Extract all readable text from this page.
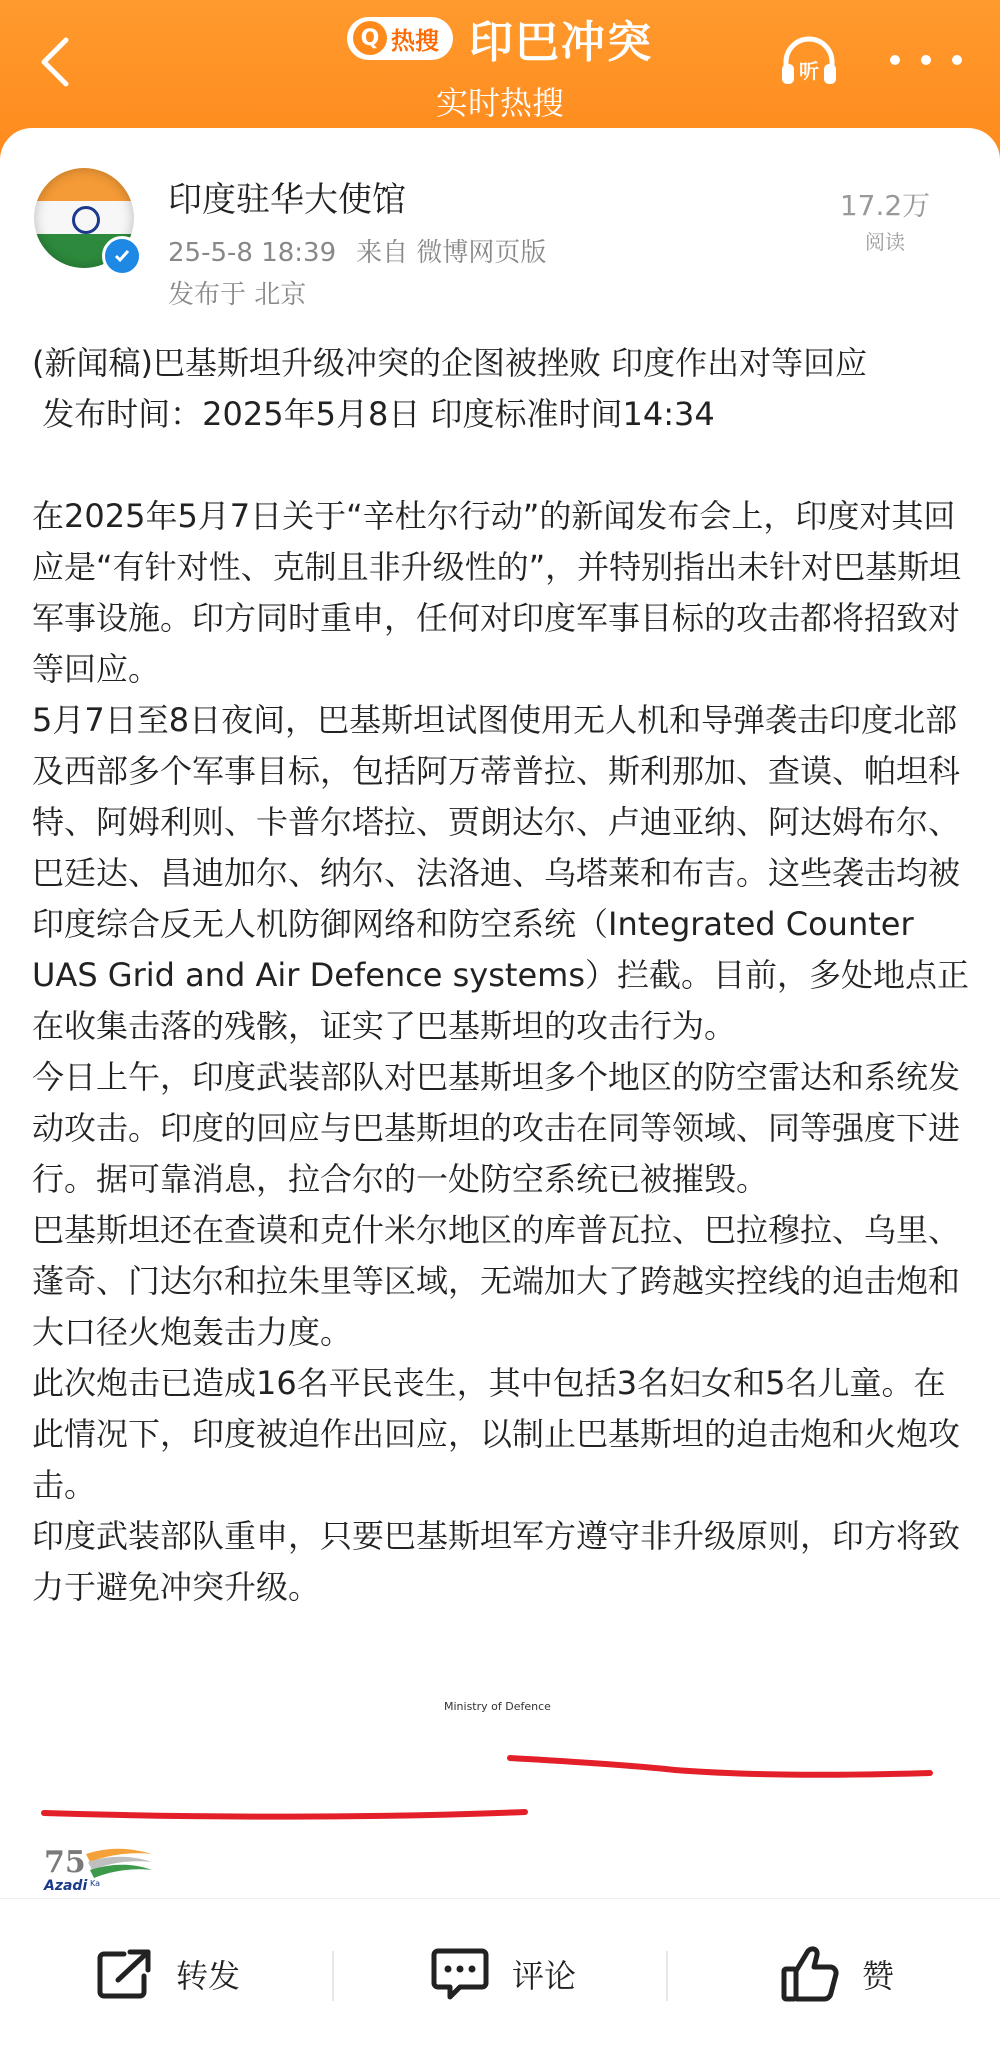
Q 热搜 印巴冲突
实时热搜
听
印度驻华大使馆
25-5-8 18:39 来自 微博网页版
发布于 北京
17.2万
阅读

(新闻稿)巴基斯坦升级冲突的企图被挫败 印度作出对等回应

发布时间：2025年5月8日 印度标准时间14:34

在2025年5月7日关于“辛杜尔行动”的新闻发布会上，印度对其回应是“有针对性、克制且非升级性的”，并特别指出未针对巴基斯坦军事设施。印方同时重申，任何对印度军事目标的攻击都将招致对等回应。

5月7日至8日夜间，巴基斯坦试图使用无人机和导弹袭击印度北部及西部多个军事目标，包括阿万蒂普拉、斯利那加、查谟、帕坦科特、阿姆利则、卡普尔塔拉、贾朗达尔、卢迪亚纳、阿达姆布尔、巴廷达、昌迪加尔、纳尔、法洛迪、乌塔莱和布吉。这些袭击均被印度综合反无人机防御网络和防空系统（Integrated Counter UAS Grid and Air Defence systems）拦截。目前，多处地点正在收集击落的残骸，证实了巴基斯坦的攻击行为。

今日上午，印度武装部队对巴基斯坦多个地区的防空雷达和系统发动攻击。印度的回应与巴基斯坦的攻击在同等领域、同等强度下进行。据可靠消息，拉合尔的一处防空系统已被摧毁。

巴基斯坦还在查谟和克什米尔地区的库普瓦拉、巴拉穆拉、乌里、蓬奇、门达尔和拉朱里等区域，无端加大了跨越实控线的迫击炮和大口径火炮轰击力度。

此次炮击已造成16名平民丧生，其中包括3名妇女和5名儿童。在此情况下，印度被迫作出回应，以制止巴基斯坦的迫击炮和火炮攻击。

印度武装部队重申，只要巴基斯坦军方遵守非升级原则，印方将致力于避免冲突升级。

Ministry of Defence
75
Azadi Ka
转发	评论	赞
